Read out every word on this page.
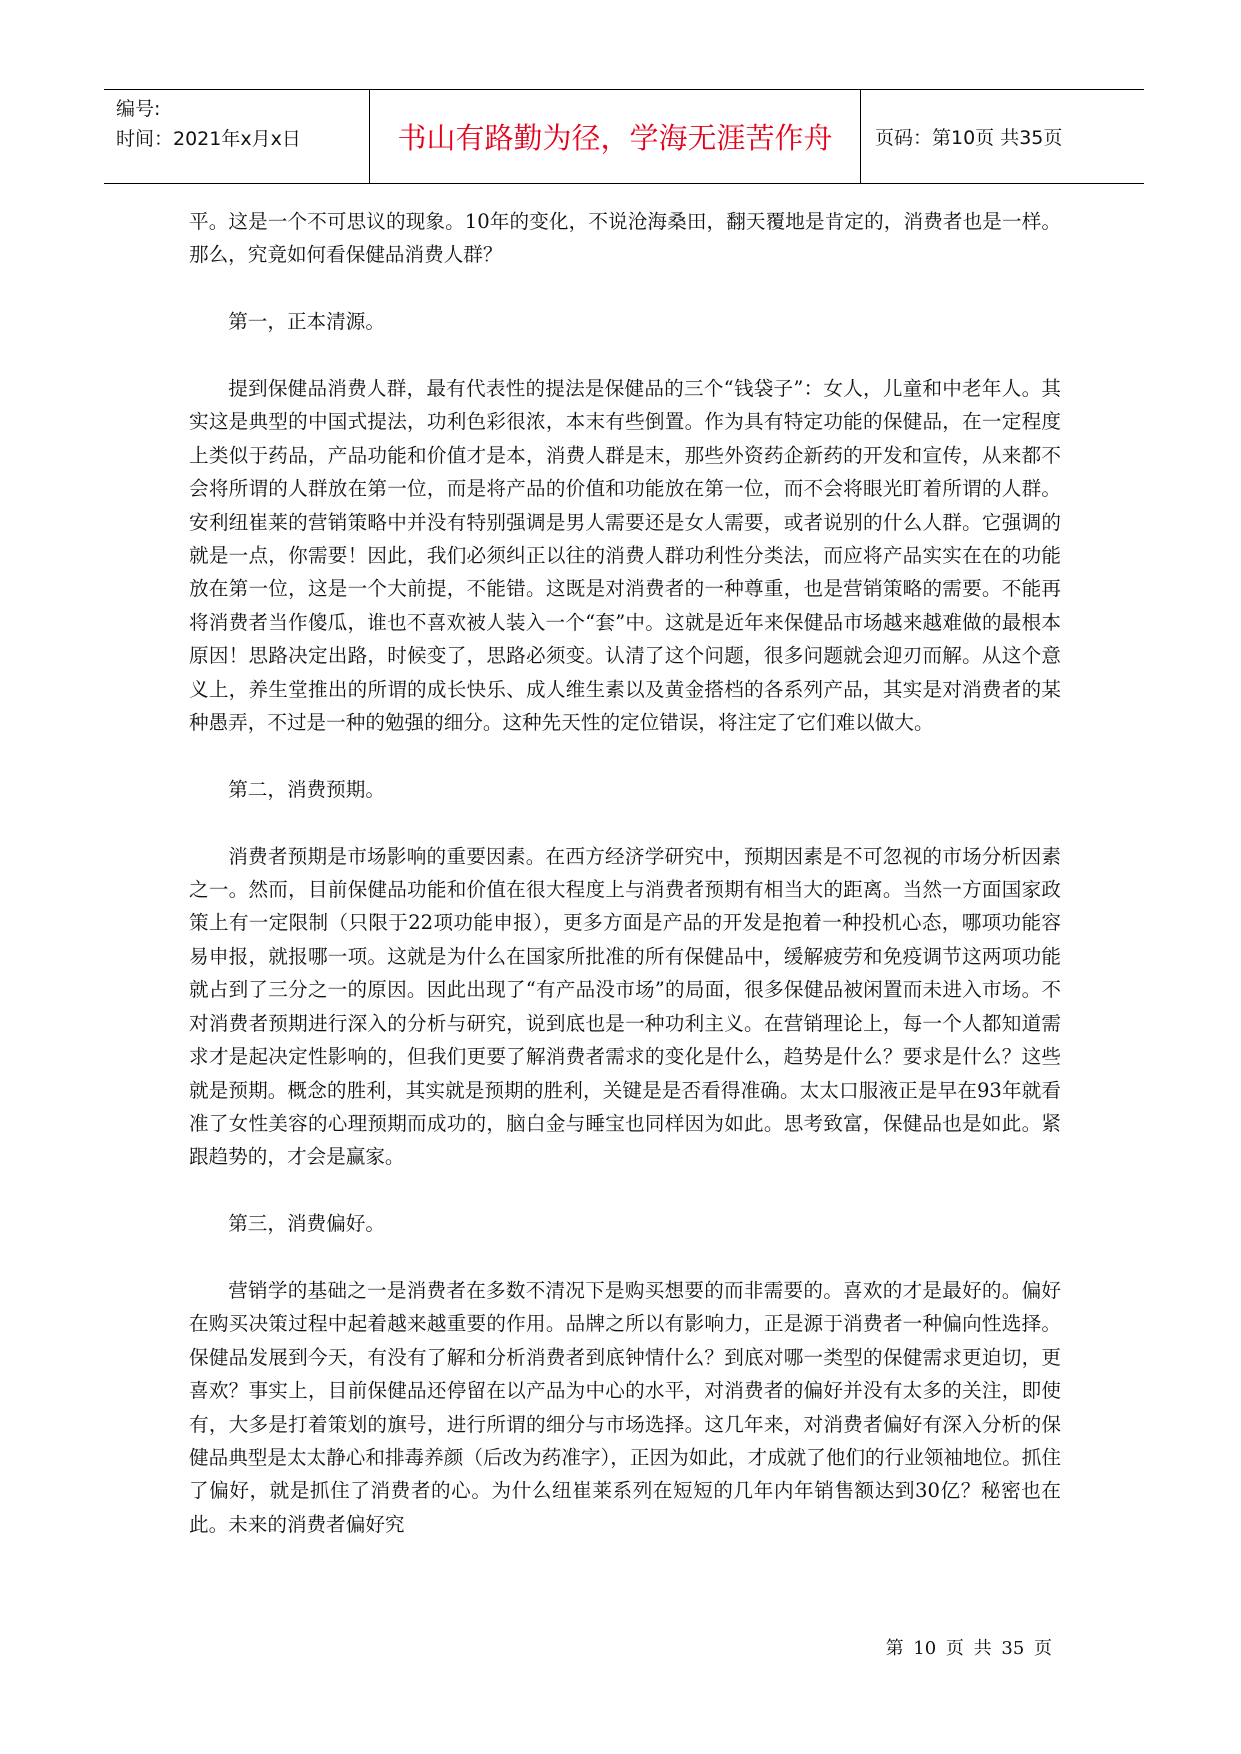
编号:
时间：2021年x月x日	书山有路勤为径，学海无涯苦作舟	页码：第10页 共35页

平。这是一个不可思议的现象。10年的变化，不说沧海桑田，翻天覆地是肯定的，消费者也是一样。那么，究竟如何看保健品消费人群？

第一，正本清源。

提到保健品消费人群，最有代表性的提法是保健品的三个“钱袋子”：女人，儿童和中老年人。其实这是典型的中国式提法，功利色彩很浓，本末有些倒置。作为具有特定功能的保健品，在一定程度上类似于药品，产品功能和价值才是本，消费人群是末，那些外资药企新药的开发和宣传，从来都不会将所谓的人群放在第一位，而是将产品的价值和功能放在第一位，而不会将眼光盯着所谓的人群。安利纽崔莱的营销策略中并没有特别强调是男人需要还是女人需要，或者说别的什么人群。它强调的就是一点，你需要！因此，我们必须纠正以往的消费人群功利性分类法，而应将产品实实在在的功能放在第一位，这是一个大前提，不能错。这既是对消费者的一种尊重，也是营销策略的需要。不能再将消费者当作傻瓜，谁也不喜欢被人装入一个“套”中。这就是近年来保健品市场越来越难做的最根本原因！思路决定出路，时候变了，思路必须变。认清了这个问题，很多问题就会迎刃而解。从这个意义上，养生堂推出的所谓的成长快乐、成人维生素以及黄金搭档的各系列产品，其实是对消费者的某种愚弄，不过是一种的勉强的细分。这种先天性的定位错误，将注定了它们难以做大。

第二，消费预期。

消费者预期是市场影响的重要因素。在西方经济学研究中，预期因素是不可忽视的市场分析因素之一。然而，目前保健品功能和价值在很大程度上与消费者预期有相当大的距离。当然一方面国家政策上有一定限制（只限于22项功能申报），更多方面是产品的开发是抱着一种投机心态，哪项功能容易申报，就报哪一项。这就是为什么在国家所批准的所有保健品中，缓解疲劳和免疫调节这两项功能就占到了三分之一的原因。因此出现了“有产品没市场”的局面，很多保健品被闲置而未进入市场。不对消费者预期进行深入的分析与研究，说到底也是一种功利主义。在营销理论上，每一个人都知道需求才是起决定性影响的，但我们更要了解消费者需求的变化是什么，趋势是什么？要求是什么？这些就是预期。概念的胜利，其实就是预期的胜利，关键是是否看得准确。太太口服液正是早在93年就看准了女性美容的心理预期而成功的，脑白金与睡宝也同样因为如此。思考致富，保健品也是如此。紧跟趋势的，才会是赢家。

第三，消费偏好。

营销学的基础之一是消费者在多数不清况下是购买想要的而非需要的。喜欢的才是最好的。偏好在购买决策过程中起着越来越重要的作用。品牌之所以有影响力，正是源于消费者一种偏向性选择。保健品发展到今天，有没有了解和分析消费者到底钟情什么？到底对哪一类型的保健需求更迫切，更喜欢？事实上，目前保健品还停留在以产品为中心的水平，对消费者的偏好并没有太多的关注，即使有，大多是打着策划的旗号，进行所谓的细分与市场选择。这几年来，对消费者偏好有深入分析的保健品典型是太太静心和排毒养颜（后改为药准字），正因为如此，才成就了他们的行业领袖地位。抓住了偏好，就是抓住了消费者的心。为什么纽崔莱系列在短短的几年内年销售额达到30亿？秘密也在此。未来的消费者偏好究

第 10 页 共 35 页
